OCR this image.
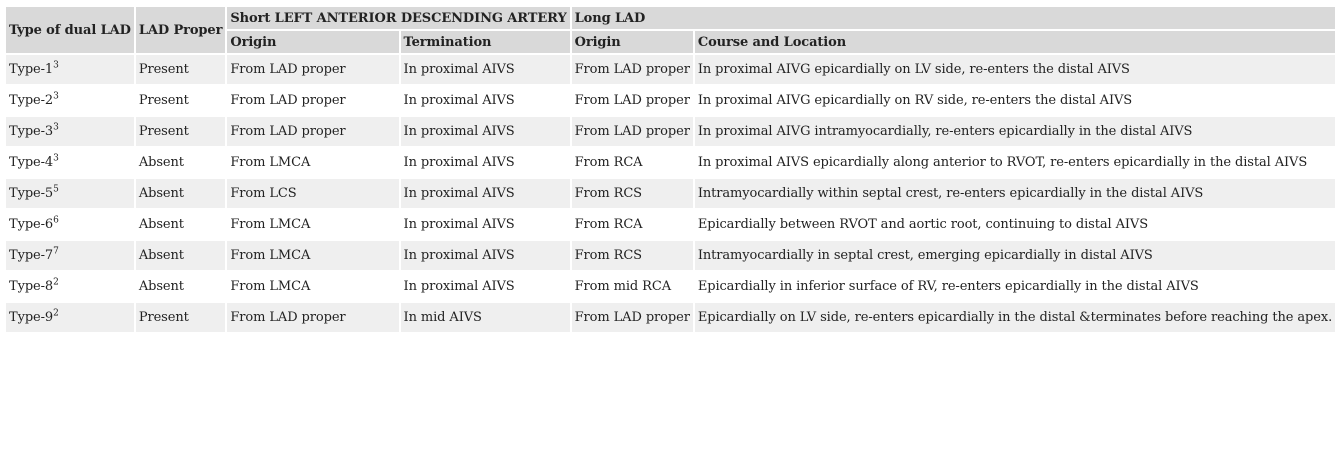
Type of dual LAD	LAD Proper	Short LEFT ANTERIOR DESCENDING ARTERY		Long LAD	
		Origin	Termination	Origin	Course and Location
Type-$1^3$	Present	From LAD proper	In proximal AIVS	From LAD proper	In proximal AIVG epicardially on LV side, re-enters the distal AIVS
Type-$2^3$	Present	From LAD proper	In proximal AIVS	From LAD proper	In proximal AIVG epicardially on RV side, re-enters the distal AIVS
Type-$3^3$	Present	From LAD proper	In proximal AIVS	From LAD proper	In proximal AIVG intramyocardially, re-enters epicardially in the distal AIVS
Type-$4^3$	Absent	From LMCA	In proximal AIVS	From RCA	In proximal AIVS epicardially along anterior to RVOT, re-enters epicardially in the distal AIVS
Type-$5^5$	Absent	From LCS	In proximal AIVS	From RCS	Intramyocardially within septal crest, re-enters epicardially in the distal AIVS
Type-$6^6$	Absent	From LMCA	In proximal AIVS	From RCA	Epicardially between RVOT and aortic root, continuing to distal AIVS
Type-$7^7$	Absent	From LMCA	In proximal AIVS	From RCS	Intramyocardially in septal crest, emerging epicardially in distal AIVS
Type-$8^2$	Absent	From LMCA	In proximal AIVS	From mid RCA	Epicardially in inferior surface of RV, re-enters epicardially in the distal AIVS
Type-$9^2$	Present	From LAD proper	In mid AIVS	From LAD proper	Epicardially on LV side, re-enters epicardially in the distal &terminates before reaching the apex.
